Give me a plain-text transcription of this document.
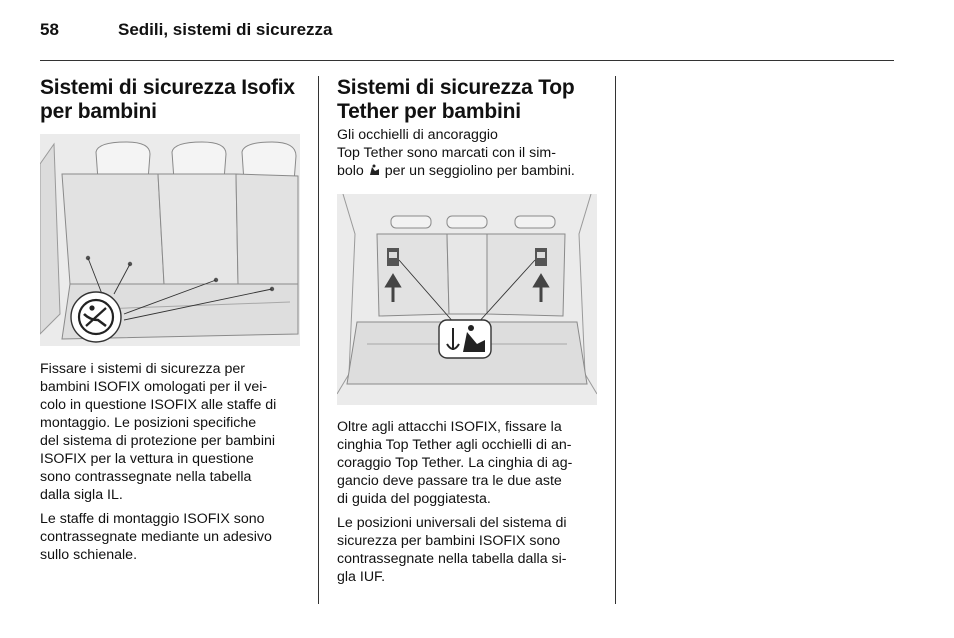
58	Sedili, sistemi di sicurezza
Sistemi di sicurezza Isofix
per bambini

Fissare i sistemi di sicurezza per
bambini ISOFIX omologati per il vei-
colo in questione ISOFIX alle staffe di
montaggio. Le posizioni specifiche
del sistema di protezione per bambini
ISOFIX per la vettura in questione
sono contrassegnate nella tabella
dalla sigla IL.

Le staffe di montaggio ISOFIX sono
contrassegnate mediante un adesivo
sullo schienale.

Sistemi di sicurezza Top
Tether per bambini

Gli occhielli di ancoraggio
Top Tether sono marcati con il sim-
bolo per un seggiolino per bambini.

Oltre agli attacchi ISOFIX, fissare la
cinghia Top Tether agli occhielli di an-
coraggio Top Tether. La cinghia di ag-
gancio deve passare tra le due aste
di guida del poggiatesta.

Le posizioni universali del sistema di
sicurezza per bambini ISOFIX sono
contrassegnate nella tabella dalla si-
gla IUF.
